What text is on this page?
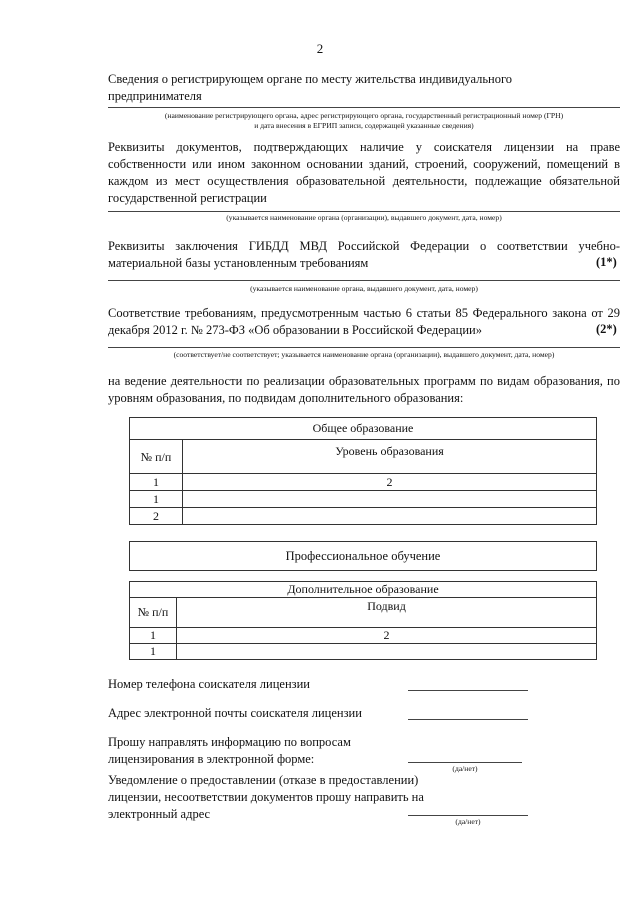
2
Сведения о регистрирующем органе по месту жительства индивидуального предпринимателя
(наименование регистрирующего органа, адрес регистрирующего органа, государственный регистрационный номер (ГРН)
и дата внесения в ЕГРИП записи, содержащей указанные сведения)
Реквизиты документов, подтверждающих наличие у соискателя лицензии на праве собственности или ином законном основании зданий, строений, сооружений, помещений в каждом из мест осуществления образовательной деятельности, подлежащие обязательной государственной регистрации
(указывается наименование органа (организации), выдавшего документ, дата, номер)
Реквизиты заключения ГИБДД МВД Российской Федерации о соответствии учебно-материальной базы установленным требованиям	(1*)
(указывается наименование органа, выдавшего документ, дата, номер)
Соответствие требованиям, предусмотренным частью 6 статьи 85 Федерального закона от 29 декабря 2012 г. № 273-ФЗ «Об образовании в Российской Федерации»	(2*)
(соответствует/не соответствует; указывается наименование органа (организации), выдавшего документ, дата, номер)
на ведение деятельности по реализации образовательных программ по видам образования, по уровням образования, по подвидам дополнительного образования:
Общее образование	
№ п/п	Уровень образования
1	2
1	
2	
Профессиональное обучение
Дополнительное образование	
№ п/п	Подвид
1	2
1	
Номер телефона соискателя лицензии
Адрес электронной почты соискателя лицензии
Прошу направлять информацию по вопросам лицензирования в электронной форме:
(да/нет)
Уведомление о предоставлении (отказе в предоставлении) лицензии, несоответствии документов прошу направить на электронный адрес
(да/нет)
